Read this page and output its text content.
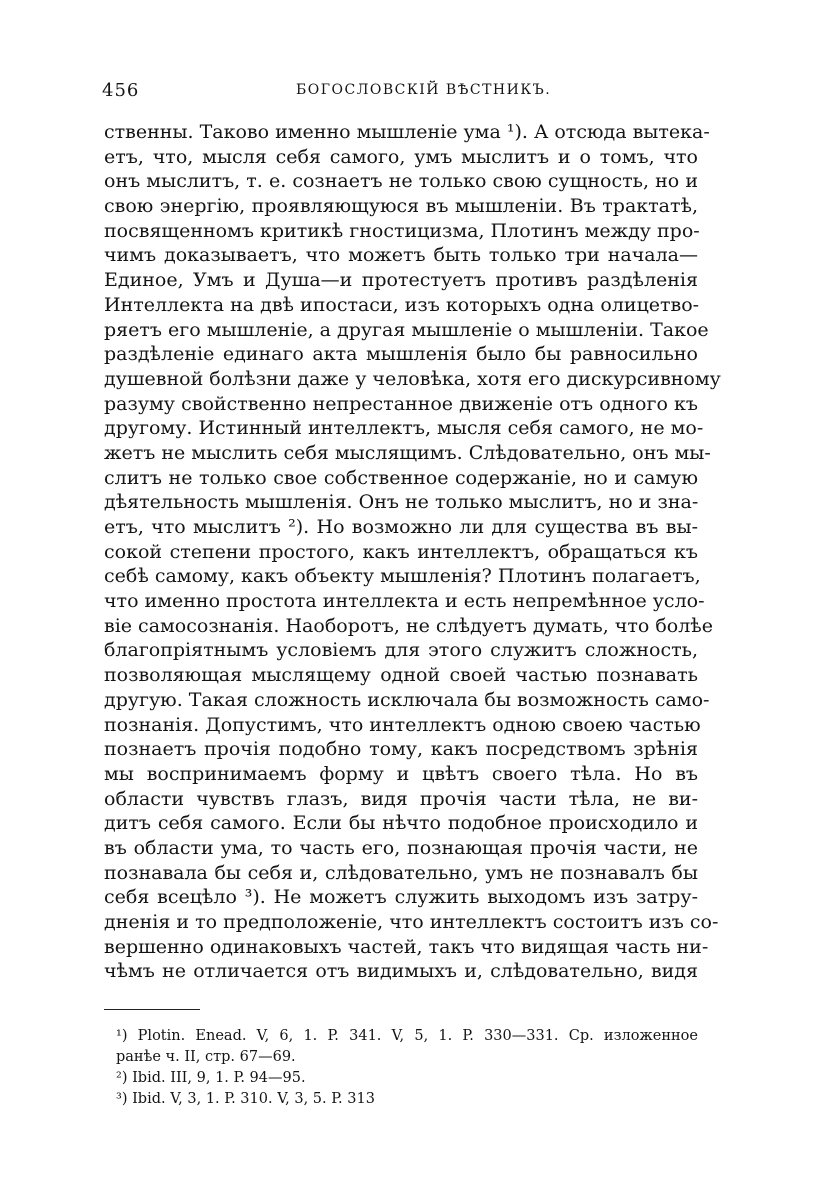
456	БОГОСЛОВСКІЙ ВѢСТНИКЪ.
ственны. Таково именно мышленіе ума ¹). А отсюда вытека-
етъ, что, мысля себя самого, умъ мыслитъ и о томъ, что
онъ мыслитъ, т. е. сознаетъ не только свою сущность, но и
свою энергію, проявляющуюся въ мышленіи. Въ трактатѣ,
посвященномъ критикѣ гностицизма, Плотинъ между про-
чимъ доказываетъ, что можетъ быть только три начала—
Единое, Умъ и Душа—и протестуетъ противъ раздѣленія
Интеллекта на двѣ ипостаси, изъ которыхъ одна олицетво-
ряетъ его мышленіе, а другая мышленіе о мышленіи. Такое
раздѣленіе единаго акта мышленія было бы равносильно
душевной болѣзни даже у человѣка, хотя его дискурсивному
разуму свойственно непрестанное движеніе отъ одного къ
другому. Истинный интеллектъ, мысля себя самого, не мо-
жетъ не мыслить себя мыслящимъ. Слѣдовательно, онъ мы-
слитъ не только свое собственное содержаніе, но и самую
дѣятельность мышленія. Онъ не только мыслитъ, но и зна-
етъ, что мыслитъ ²). Но возможно ли для существа въ вы-
сокой степени простого, какъ интеллектъ, обращаться къ
себѣ самому, какъ объекту мышленія? Плотинъ полагаетъ,
что именно простота интеллекта и есть непремѣнное усло-
віе самосознанія. Наоборотъ, не слѣдуетъ думать, что болѣе
благопріятнымъ условіемъ для этого служитъ сложность,
позволяющая мыслящему одной своей частью познавать
другую. Такая сложность исключала бы возможность само-
познанія. Допустимъ, что интеллектъ одною своею частью
познаетъ прочія подобно тому, какъ посредствомъ зрѣнія
мы воспринимаемъ форму и цвѣтъ своего тѣла. Но въ
области чувствъ глазъ, видя прочія части тѣла, не ви-
дитъ себя самого. Если бы нѣчто подобное происходило и
въ области ума, то часть его, познающая прочія части, не
познавала бы себя и, слѣдовательно, умъ не познавалъ бы
себя всецѣло ³). Не можетъ служить выходомъ изъ затру-
дненія и то предположеніе, что интеллектъ состоитъ изъ со-
вершенно одинаковыхъ частей, такъ что видящая часть ни-
чѣмъ не отличается отъ видимыхъ и, слѣдовательно, видя
¹) Plotin. Enead. V, 6, 1. P. 341. V, 5, 1. P. 330—331. Ср. изложенное
ранѣе ч. II, стр. 67—69.
²) Ibid. III, 9, 1. P. 94—95.
³) Ibid. V, 3, 1. P. 310. V, 3, 5. P. 313
